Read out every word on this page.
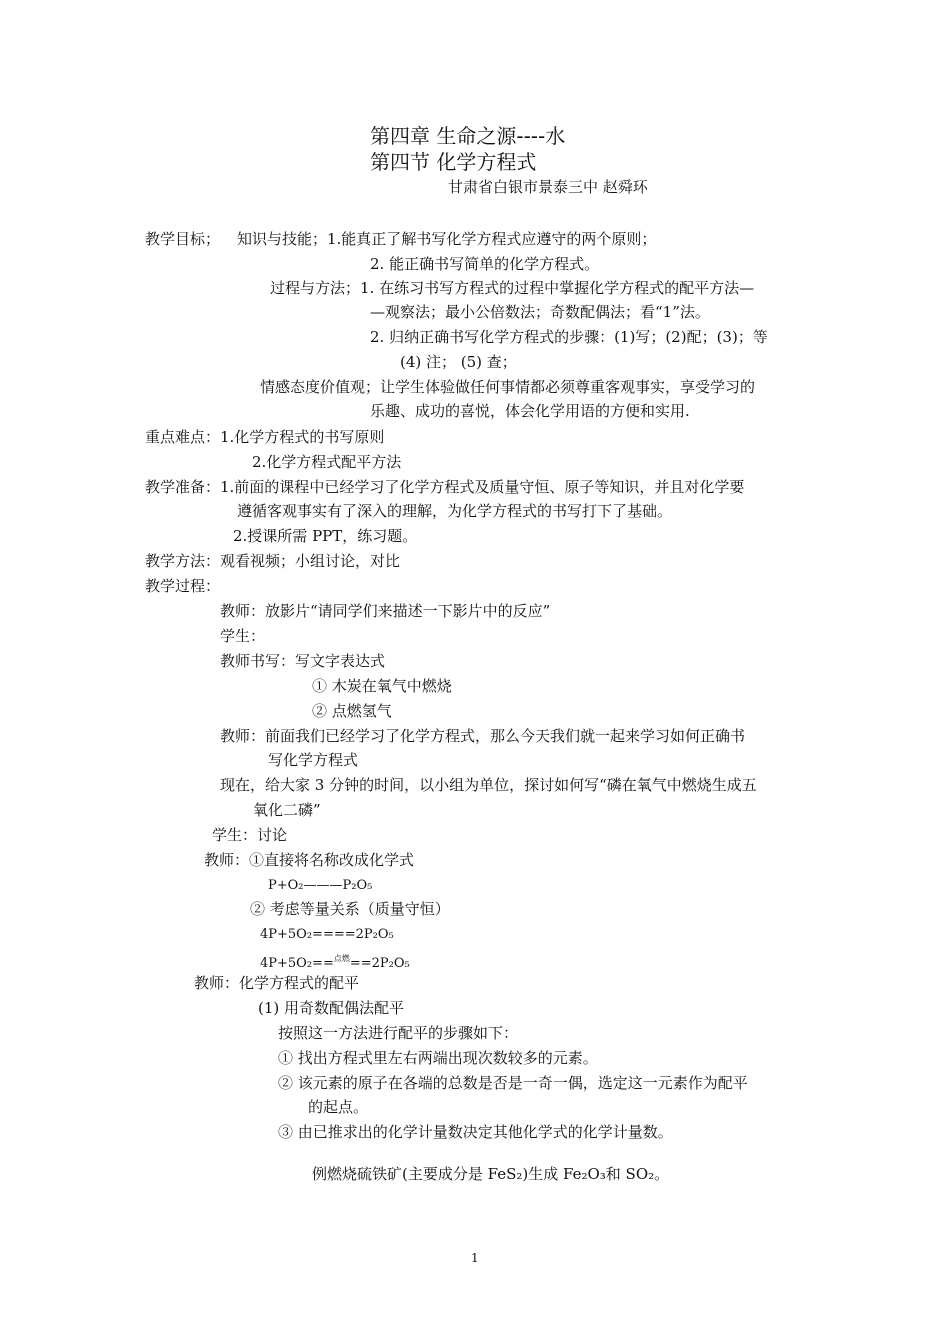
第四章 生命之源----水
第四节 化学方程式
甘肃省白银市景泰三中 赵舜环
教学目标； 知识与技能；1.能真正了解书写化学方程式应遵守的两个原则；
2. 能正确书写简单的化学方程式。
过程与方法；1. 在练习书写方程式的过程中掌握化学方程式的配平方法—
—观察法；最小公倍数法；奇数配偶法；看“1”法。
2. 归纳正确书写化学方程式的步骤：(1)写；(2)配；(3)；等
(4) 注； (5) 查；
情感态度价值观；让学生体验做任何事情都必须尊重客观事实，享受学习的
乐趣、成功的喜悦，体会化学用语的方便和实用.
重点难点：1.化学方程式的书写原则
2.化学方程式配平方法
教学准备：1.前面的课程中已经学习了化学方程式及质量守恒、原子等知识，并且对化学要
遵循客观事实有了深入的理解，为化学方程式的书写打下了基础。
2.授课所需 PPT，练习题。
教学方法：观看视频；小组讨论，对比
教学过程：
教师：放影片“请同学们来描述一下影片中的反应”
学生：
教师书写：写文字表达式
① 木炭在氧气中燃烧
② 点燃氢气
教师：前面我们已经学习了化学方程式，那么今天我们就一起来学习如何正确书
写化学方程式
现在，给大家 3 分钟的时间，以小组为单位，探讨如何写“磷在氧气中燃烧生成五
氧化二磷”
学生：讨论
教师：①直接将名称改成化学式
P+O₂———P₂O₅
② 考虑等量关系（质量守恒）
4P+5O₂====2P₂O₅
4P+5O₂==$^{点燃}$==2P₂O₅
教师：化学方程式的配平
(1) 用奇数配偶法配平
按照这一方法进行配平的步骤如下：
① 找出方程式里左右两端出现次数较多的元素。
② 该元素的原子在各端的总数是否是一奇一偶，选定这一元素作为配平
的起点。
③ 由已推求出的化学计量数决定其他化学式的化学计量数。
例燃烧硫铁矿(主要成分是 FeS₂)生成 Fe₂O₃和 SO₂。
1
